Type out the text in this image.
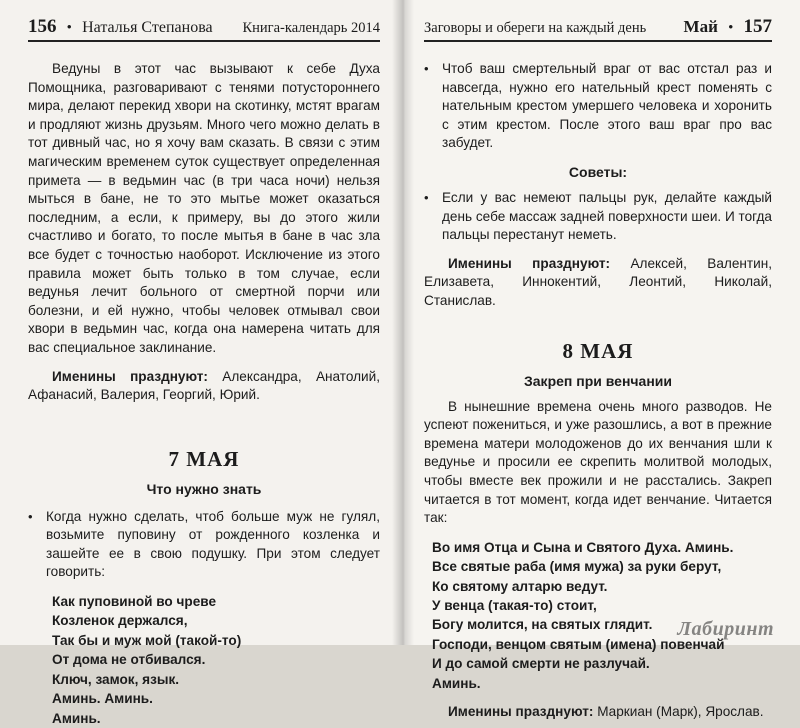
156 • Наталья Степанова Книга-календарь 2014

Ведуны в этот час вызывают к себе Духа Помощника, разговаривают с тенями потустороннего мира, делают перекид хвори на скотинку, мстят врагам и продляют жизнь друзьям. Много чего можно делать в тот дивный час, но я хочу вам сказать. В связи с этим магическим временем суток существует определенная примета — в ведьмин час (в три часа ночи) нельзя мыться в бане, не то это мытье может оказаться последним, а если, к примеру, вы до этого жили счастливо и богато, то после мытья в бане в час зла все будет с точностью наоборот. Исключение из этого правила может быть только в том случае, если ведунья лечит больного от смертной порчи или болезни, и ей нужно, чтобы человек отмывал свои хвори в ведьмин час, когда она намерена читать для вас специальное заклинание.

Именины празднуют: Александра, Анатолий, Афанасий, Валерия, Георгий, Юрий.

7 МАЯ
Что нужно знать
• Когда нужно сделать, чтоб больше муж не гулял, возьмите пуповину от рожденного козленка и зашейте ее в свою подушку. При этом следует говорить:

Как пуповиной во чреве
Козленок держался,
Так бы и муж мой (такой-то)
От дома не отбивался.
Ключ, замок, язык.
Аминь. Аминь.
Аминь.
Заговоры и обереги на каждый день Май • 157
• Чтоб ваш смертельный враг от вас отстал раз и навсегда, нужно его нательный крест поменять с нательным крестом умершего человека и хоронить с этим крестом. После этого ваш враг про вас забудет.

Советы:
• Если у вас немеют пальцы рук, делайте каждый день себе массаж задней поверхности шеи. И тогда пальцы перестанут неметь.

Именины празднуют: Алексей, Валентин, Елизавета, Иннокентий, Леонтий, Николай, Станислав.

8 МАЯ
Закреп при венчании

В нынешние времена очень много разводов. Не успеют пожениться, и уже разошлись, а вот в прежние времена матери молодоженов до их венчания шли к ведунье и просили ее скрепить молитвой молодых, чтобы вместе век прожили и не расстались. Закреп читается в тот момент, когда идет венчание. Читается так:

Во имя Отца и Сына и Святого Духа. Аминь.
Все святые раба (имя мужа) за руки берут,
Ко святому алтарю ведут.
У венца (такая-то) стоит,
Богу молится, на святых глядит.
Господи, венцом святым (имена) повенчай
И до самой смерти не разлучай.
Аминь.

Именины празднуют: Маркиан (Марк), Ярослав.

Лабиринт
